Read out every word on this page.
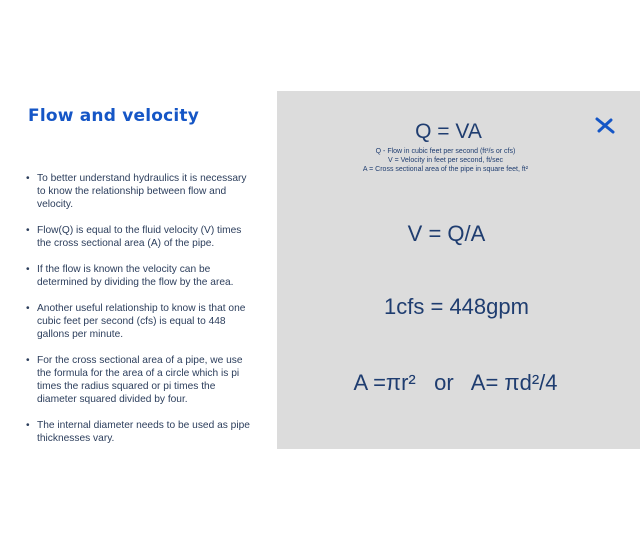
Flow and velocity
• To better understand hydraulics it is necessary to know the relationship between flow and velocity.
• Flow(Q) is equal to the fluid velocity (V) times the cross sectional area (A) of the pipe.
• If the flow is known the velocity can be determined by dividing the flow by the area.
• Another useful relationship to know is that one cubic feet per second (cfs) is equal to 448 gallons per minute.
• For the cross sectional area of a pipe, we use the formula for the area of a circle which is pi times the radius squared or pi times the diameter squared divided by four.
• The internal diameter needs to be used as pipe thicknesses vary.
Q = VA
Q - Flow in cubic feet per second (ft³/s or cfs)
V = Velocity in feet per second, ft/sec
A = Cross sectional area of the pipe in square feet, ft²
V = Q/A
1cfs = 448gpm
A =πr²   or   A= πd²/4
